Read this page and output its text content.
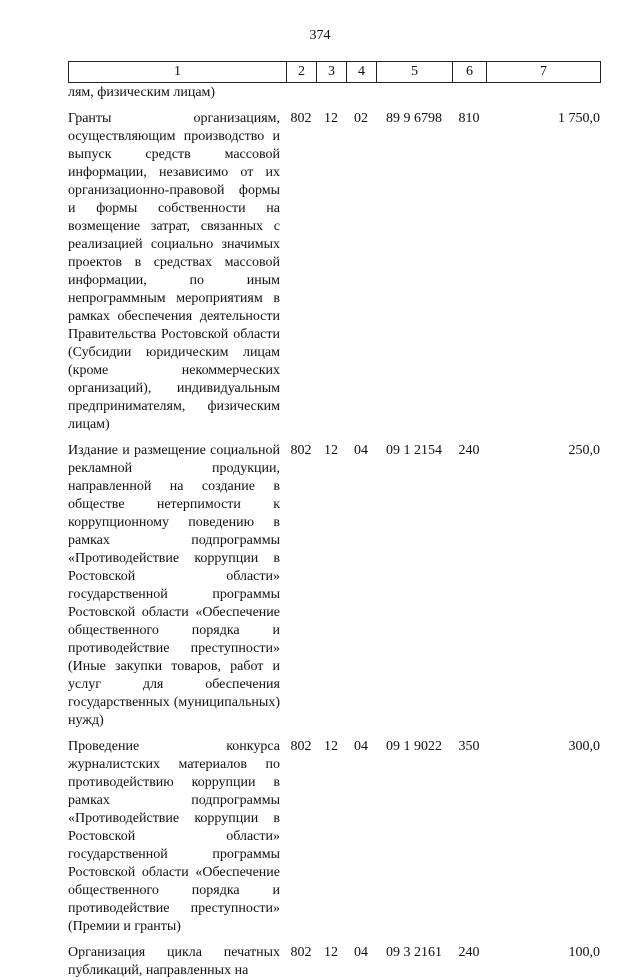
374
1	2	3	4	5	6	7
лям, физическим лицам)						
Гранты организациям, осуществляющим производство и выпуск средств массовой информации, независимо от их организационно-правовой формы и формы собственности на возмещение затрат, связанных с реализацией социально значимых проектов в средствах массовой информации, по иным непрограммным мероприятиям в рамках обеспечения деятельности Правительства Ростовской области (Субсидии юридическим лицам (кроме некоммерческих организаций), индивидуальным предпринимателям, физическим лицам)	802	12	02	89 9 6798	810	1 750,0
Издание и размещение социальной рекламной продукции, направленной на создание в обществе нетерпимости к коррупционному поведению в рамках подпрограммы «Противодействие коррупции в Ростовской области» государственной программы Ростовской области «Обеспечение общественного порядка и противодействие преступности» (Иные закупки товаров, работ и услуг для обеспечения государственных (муниципальных) нужд)	802	12	04	09 1 2154	240	250,0
Проведение конкурса журналистских материалов по противодействию коррупции в рамках подпрограммы «Противодействие коррупции в Ростовской области» государственной программы Ростовской области «Обеспечение общественного порядка и противодействие преступности» (Премии и гранты)	802	12	04	09 1 9022	350	300,0
Организация цикла печатных публикаций, направленных на	802	12	04	09 3 2161	240	100,0
